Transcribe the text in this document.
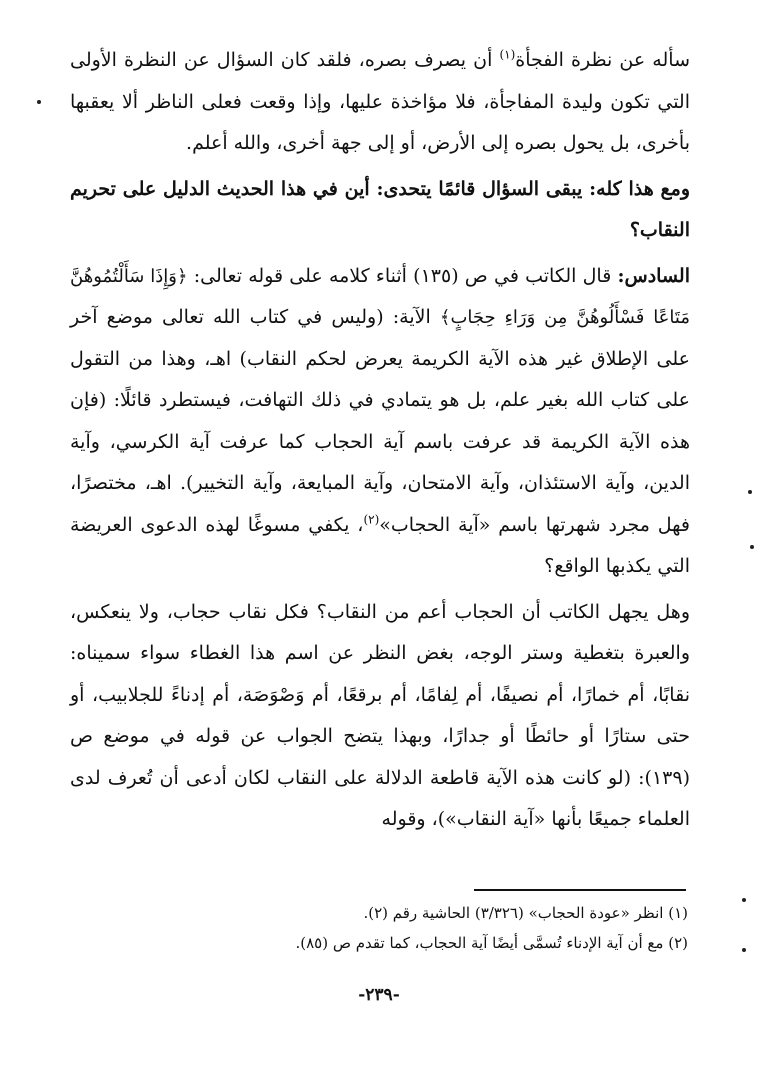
سأله عن نظرة الفجأة$^{(١)}$ أن يصرف بصره، فلقد كان السؤال عن النظرة الأولى التي تكون وليدة المفاجأة، فلا مؤاخذة عليها، وإذا وقعت فعلى الناظر ألا يعقبها بأخرى، بل يحول بصره إلى الأرض، أو إلى جهة أخرى، والله أعلم.

ومع هذا كله: يبقى السؤال قائمًا يتحدى: أين في هذا الحديث الدليل على تحريم النقاب؟

السادس: قال الكاتب في ص (١٣٥) أثناء كلامه على قوله تعالى: ﴿وَإِذَا سَأَلْتُمُوهُنَّ مَتَاعًا فَسْأَلُوهُنَّ مِن وَرَاءِ حِجَابٍ﴾ الآية: (وليس في كتاب الله تعالى موضع آخر على الإطلاق غير هذه الآية الكريمة يعرض لحكم النقاب) اهـ، وهذا من التقول على كتاب الله بغير علم، بل هو يتمادي في ذلك التهافت، فيستطرد قائلًا: (فإن هذه الآية الكريمة قد عرفت باسم آية الحجاب كما عرفت آية الكرسي، وآية الدين، وآية الاستئذان، وآية الامتحان، وآية المبايعة، وآية التخيير). اهـ، مختصرًا، فهل مجرد شهرتها باسم «آية الحجاب»$^{(٢)}$، يكفي مسوغًا لهذه الدعوى العريضة التي يكذبها الواقع؟

وهل يجهل الكاتب أن الحجاب أعم من النقاب؟ فكل نقاب حجاب، ولا ينعكس، والعبرة بتغطية وستر الوجه، بغض النظر عن اسم هذا الغطاء سواء سميناه: نقابًا، أم خمارًا، أم نصيفًا، أم لِفامًا، أم برقعًا، أم وَصْوَصَة، أم إدناءً للجلابيب، أو حتى ستارًا أو حائطًا أو جدارًا، وبهذا يتضح الجواب عن قوله في موضع ص (١٣٩): (لو كانت هذه الآية قاطعة الدلالة على النقاب لكان أدعى أن تُعرف لدى العلماء جميعًا بأنها «آية النقاب»)، وقوله

(١) انظر «عودة الحجاب» (٣/٣٢٦) الحاشية رقم (٢).

(٢) مع أن آية الإدناء تُسمَّى أيضًا آية الحجاب، كما تقدم ص (٨٥).

-٢٣٩-
